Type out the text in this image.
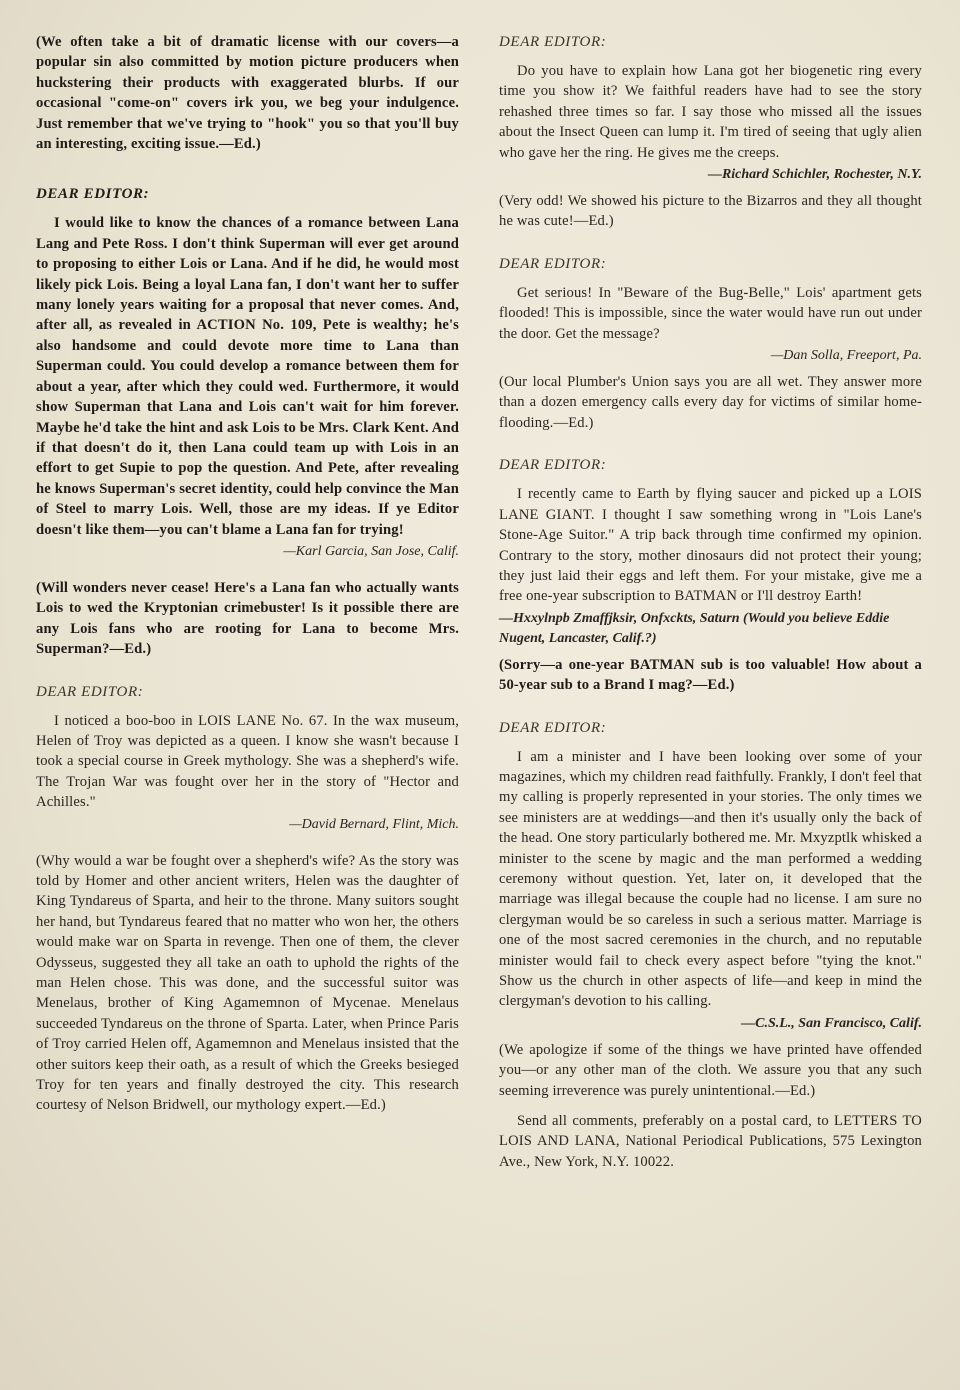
(We often take a bit of dramatic license with our covers—a popular sin also committed by motion picture producers when huckstering their products with exaggerated blurbs. If our occasional "come-on" covers irk you, we beg your indulgence. Just remember that we've trying to "hook" you so that you'll buy an interesting, exciting issue.—Ed.)

DEAR EDITOR:

I would like to know the chances of a romance between Lana Lang and Pete Ross. I don't think Superman will ever get around to proposing to either Lois or Lana. And if he did, he would most likely pick Lois. Being a loyal Lana fan, I don't want her to suffer many lonely years waiting for a proposal that never comes. And, after all, as revealed in ACTION No. 109, Pete is wealthy; he's also handsome and could devote more time to Lana than Superman could. You could develop a romance between them for about a year, after which they could wed. Furthermore, it would show Superman that Lana and Lois can't wait for him forever. Maybe he'd take the hint and ask Lois to be Mrs. Clark Kent. And if that doesn't do it, then Lana could team up with Lois in an effort to get Supie to pop the question. And Pete, after revealing he knows Superman's secret identity, could help convince the Man of Steel to marry Lois. Well, those are my ideas. If ye Editor doesn't like them—you can't blame a Lana fan for trying!

—Karl Garcia, San Jose, Calif.

(Will wonders never cease! Here's a Lana fan who actually wants Lois to wed the Kryptonian crimebuster! Is it possible there are any Lois fans who are rooting for Lana to become Mrs. Superman?—Ed.)

DEAR EDITOR:

I noticed a boo-boo in LOIS LANE No. 67. In the wax museum, Helen of Troy was depicted as a queen. I know she wasn't because I took a special course in Greek mythology. She was a shepherd's wife. The Trojan War was fought over her in the story of "Hector and Achilles."

—David Bernard, Flint, Mich.

(Why would a war be fought over a shepherd's wife? As the story was told by Homer and other ancient writers, Helen was the daughter of King Tyndareus of Sparta, and heir to the throne. Many suitors sought her hand, but Tyndareus feared that no matter who won her, the others would make war on Sparta in revenge. Then one of them, the clever Odysseus, suggested they all take an oath to uphold the rights of the man Helen chose. This was done, and the successful suitor was Menelaus, brother of King Agamemnon of Mycenae. Menelaus succeeded Tyndareus on the throne of Sparta. Later, when Prince Paris of Troy carried Helen off, Agamemnon and Menelaus insisted that the other suitors keep their oath, as a result of which the Greeks besieged Troy for ten years and finally destroyed the city. This research courtesy of Nelson Bridwell, our mythology expert.—Ed.)

DEAR EDITOR:

Do you have to explain how Lana got her biogenetic ring every time you show it? We faithful readers have had to see the story rehashed three times so far. I say those who missed all the issues about the Insect Queen can lump it. I'm tired of seeing that ugly alien who gave her the ring. He gives me the creeps.

—Richard Schichler, Rochester, N.Y.

(Very odd! We showed his picture to the Bizarros and they all thought he was cute!—Ed.)

DEAR EDITOR:

Get serious! In "Beware of the Bug-Belle," Lois' apartment gets flooded! This is impossible, since the water would have run out under the door. Get the message?

—Dan Solla, Freeport, Pa.

(Our local Plumber's Union says you are all wet. They answer more than a dozen emergency calls every day for victims of similar home-flooding.—Ed.)

DEAR EDITOR:

I recently came to Earth by flying saucer and picked up a LOIS LANE GIANT. I thought I saw something wrong in "Lois Lane's Stone-Age Suitor." A trip back through time confirmed my opinion. Contrary to the story, mother dinosaurs did not protect their young; they just laid their eggs and left them. For your mistake, give me a free one-year subscription to BATMAN or I'll destroy Earth!

—Hxxylnpb Zmaffjksir, Onfxckts, Saturn (Would you believe Eddie Nugent, Lancaster, Calif.?)

(Sorry—a one-year BATMAN sub is too valuable! How about a 50-year sub to a Brand I mag?—Ed.)

DEAR EDITOR:

I am a minister and I have been looking over some of your magazines, which my children read faithfully. Frankly, I don't feel that my calling is properly represented in your stories. The only times we see ministers are at weddings—and then it's usually only the back of the head. One story particularly bothered me. Mr. Mxyzptlk whisked a minister to the scene by magic and the man performed a wedding ceremony without question. Yet, later on, it developed that the marriage was illegal because the couple had no license. I am sure no clergyman would be so careless in such a serious matter. Marriage is one of the most sacred ceremonies in the church, and no reputable minister would fail to check every aspect before "tying the knot." Show us the church in other aspects of life—and keep in mind the clergyman's devotion to his calling.

—C.S.L., San Francisco, Calif.

(We apologize if some of the things we have printed have offended you—or any other man of the cloth. We assure you that any such seeming irreverence was purely unintentional.—Ed.)

Send all comments, preferably on a postal card, to LETTERS TO LOIS AND LANA, National Periodical Publications, 575 Lexington Ave., New York, N.Y. 10022.
